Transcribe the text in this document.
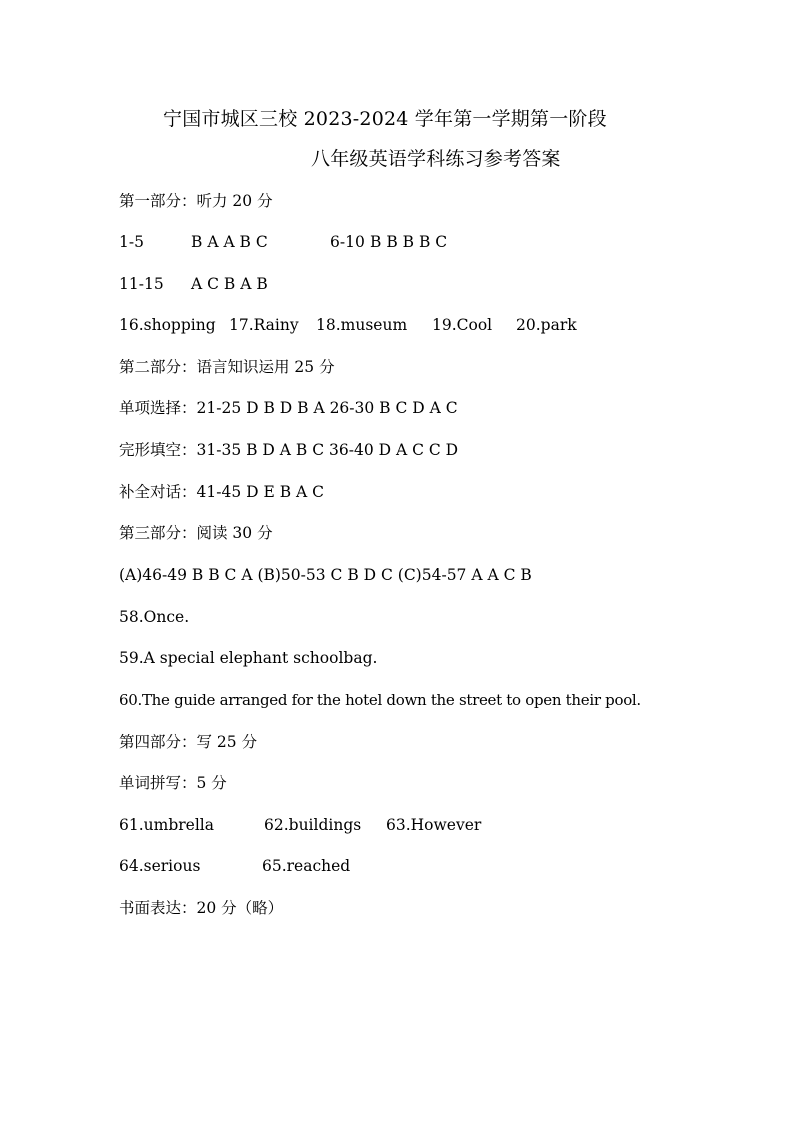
宁国市城区三校 2023-2024 学年第一学期第一阶段
八年级英语学科练习参考答案
第一部分：听力 20 分
1-5	B A A B C	6-10 B B B B C
11-15 A C B A B
16.shopping 17.Rainy 18.museum 19.Cool 20.park
第二部分：语言知识运用 25 分
单项选择：21-25 D B D B A 26-30 B C D A C
完形填空：31-35 B D A B C 36-40 D A C C D
补全对话：41-45 D E B A C
第三部分：阅读 30 分
(A)46-49 B B C A (B)50-53 C B D C (C)54-57 A A C B
58.Once.
59.A special elephant schoolbag.
60.The guide arranged for the hotel down the street to open their pool.
第四部分：写 25 分
单词拼写：5 分
61.umbrella	62.buildings 63.However
64.serious	65.reached
书面表达：20 分（略）
